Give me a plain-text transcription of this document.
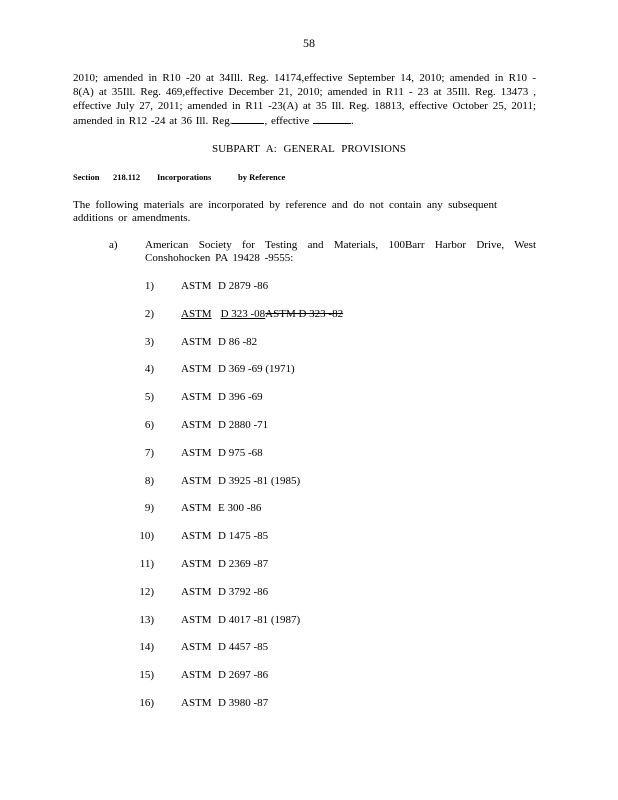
58

2010; amended in R10 -20 at 34Ill. Reg. 14174,effective September 14, 2010; amended in R10 - 8(A) at 35Ill. Reg. 469,effective December 21, 2010; amended in R11 - 23 at 35Ill. Reg. 13473 , effective July 27, 2011; amended in R11 -23(A) at 35 Ill. Reg. 18813, effective October 25, 2011; amended in R12 -24 at 36 Ill. Reg.	, effective	.

SUBPART A: GENERAL PROVISIONS
Section 218.112 Incorporations	by Reference

The following materials are incorporated by reference and do not contain any subsequent additions or amendments.

a) American Society for Testing and Materials, 100Barr Harbor Drive, West Conshohocken PA 19428 -9555:

1) ASTM D 2879 -86
2) ASTM D 323 -08ASTM D 323 -82
3) ASTM D 86 -82
4) ASTM D 369 -69 (1971)
5) ASTM D 396 -69
6) ASTM D 2880 -71
7) ASTM D 975 -68
8) ASTM D 3925 -81 (1985)
9) ASTM E 300 -86
10) ASTM D 1475 -85
11) ASTM D 2369 -87
12) ASTM D 3792 -86
13) ASTM D 4017 -81 (1987)
14) ASTM D 4457 -85
15) ASTM D 2697 -86
16) ASTM D 3980 -87
